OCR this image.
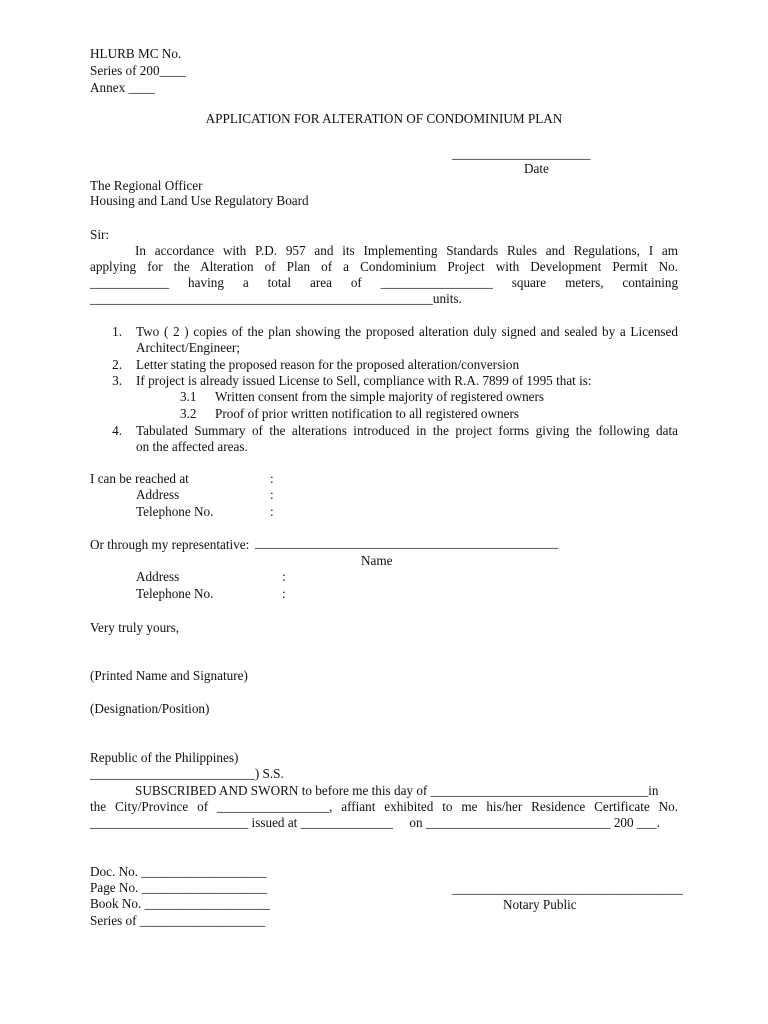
HLURB MC No.
Series of 200____
Annex ____
APPLICATION FOR ALTERATION OF CONDOMINIUM PLAN
_____________________
Date
The Regional Officer
Housing and Land Use Regulatory Board
Sir:
In accordance with P.D. 957 and its Implementing Standards Rules and Regulations, I am
applying for the Alteration of Plan of a Condominium Project with Development Permit No.
____________ having a total area of _________________ square meters, containing
____________________________________________________units.
1. Two ( 2 ) copies of the plan showing the proposed alteration duly signed and sealed by a Licensed
Architect/Engineer;
2. Letter stating the proposed reason for the proposed alteration/conversion
3. If project is already issued License to Sell, compliance with R.A. 7899 of 1995 that is:
3.1 Written consent from the simple majority of registered owners
3.2 Proof of prior written notification to all registered owners
4. Tabulated Summary of the alterations introduced in the project forms giving the following data
on the affected areas.
I can be reached at	:
Address	:
Telephone No.	:
Or through my representative: ______________________________________________
Name
Address	:
Telephone No.	:
Very truly yours,
(Printed Name and Signature)
(Designation/Position)
Republic of the Philippines)
_________________________) S.S.
SUBSCRIBED AND SWORN to before me this day of _________________________________in
the City/Province of _________________, affiant exhibited to me his/her Residence Certificate No.
________________________ issued at ______________     on ____________________________ 200 ___.
Doc. No. ___________________
Page No. ___________________
Book No. ___________________
Series of ___________________
___________________________________
Notary Public
